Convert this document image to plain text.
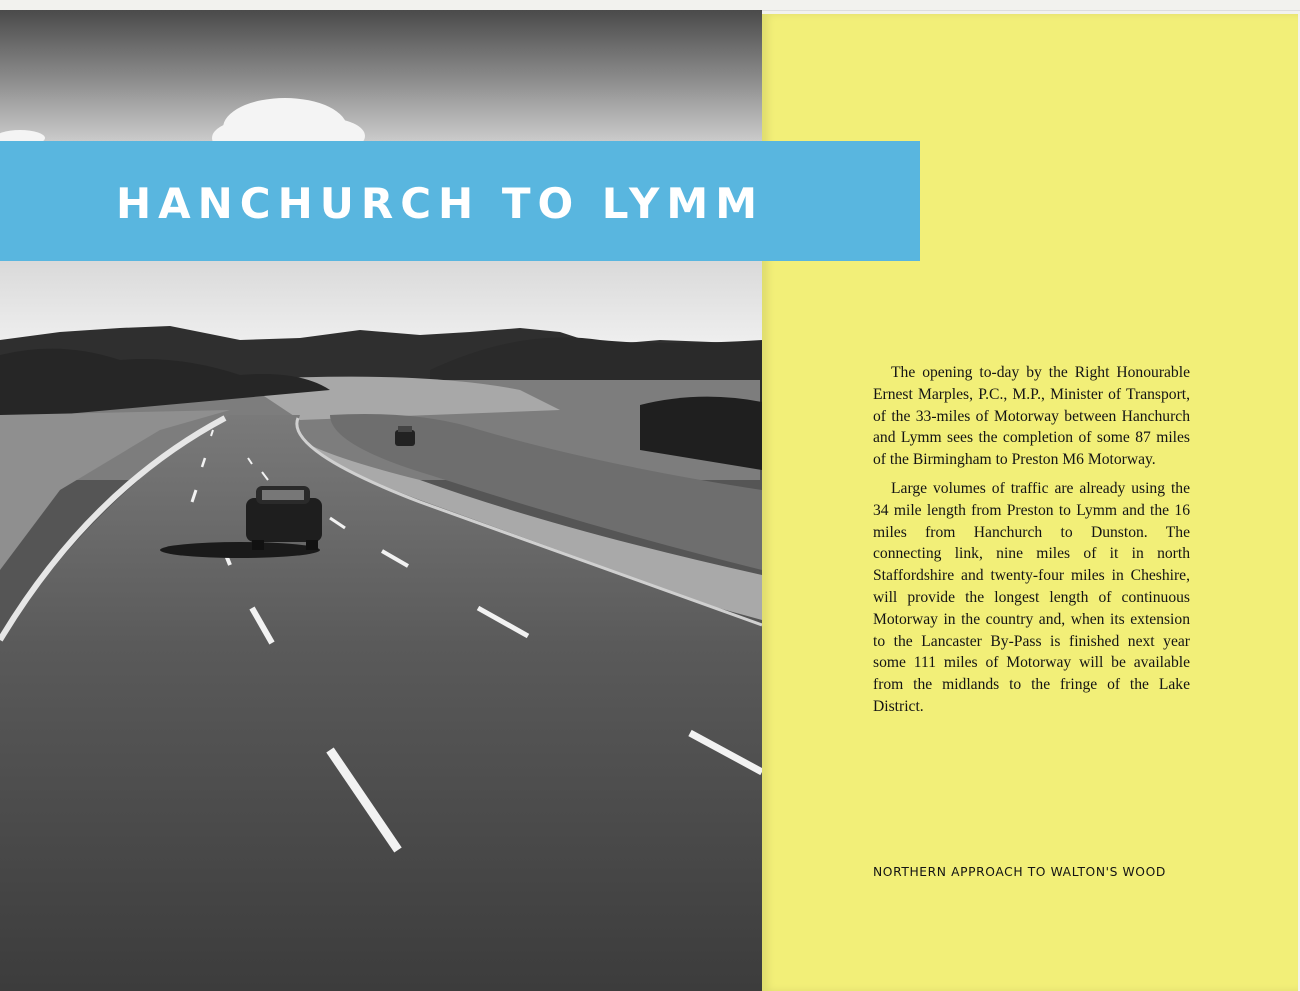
HANCHURCH TO LYMM

The opening to-day by the Right Honourable Ernest Marples, P.C., M.P., Minister of Transport, of the 33-miles of Motorway between Hanchurch and Lymm sees the completion of some 87 miles of the Birmingham to Preston M6 Motorway.

Large volumes of traffic are already using the 34 mile length from Preston to Lymm and the 16 miles from Hanchurch to Dunston. The connecting link, nine miles of it in north Staffordshire and twenty-four miles in Cheshire, will provide the longest length of continuous Motorway in the country and, when its extension to the Lancaster By-Pass is finished next year some 111 miles of Motorway will be available from the midlands to the fringe of the Lake District.

NORTHERN APPROACH TO WALTON'S WOOD
